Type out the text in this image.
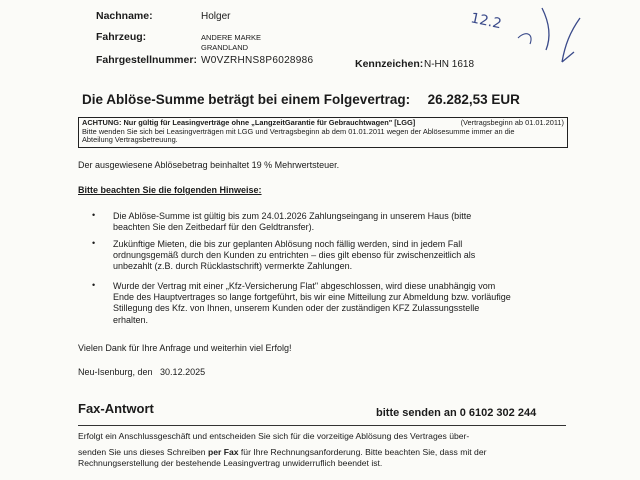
12.2
Nachname:	Holger
Fahrzeug:	ANDERE MARKE
GRANDLAND
Fahrgestellnummer: W0VZRHNS8P6028986	Kennzeichen: N-HN 1618
Die Ablöse-Summe beträgt bei einem Folgevertrag: 26.282,53 EUR
ACHTUNG: Nur gültig für Leasingverträge ohne „LangzeitGarantie für Gebrauchtwagen" [LGG]	(Vertragsbeginn ab 01.01.2011)
Bitte wenden Sie sich bei Leasingverträgen mit LGG und Vertragsbeginn ab dem 01.01.2011 wegen der Ablösesumme immer an die
Abteilung Vertragsbetreuung.
Der ausgewiesene Ablösebetrag beinhaltet 19 % Mehrwertsteuer.
Bitte beachten Sie die folgenden Hinweise:
• Die Ablöse-Summe ist gültig bis zum 24.01.2026 Zahlungseingang in unserem Haus (bitte
beachten Sie den Zeitbedarf für den Geldtransfer).
• Zukünftige Mieten, die bis zur geplanten Ablösung noch fällig werden, sind in jedem Fall
ordnungsgemäß durch den Kunden zu entrichten – dies gilt ebenso für zwischenzeitlich als
unbezahlt (z.B. durch Rücklastschrift) vermerkte Zahlungen.
• Wurde der Vertrag mit einer „Kfz-Versicherung Flat" abgeschlossen, wird diese unabhängig vom
Ende des Hauptvertrages so lange fortgeführt, bis wir eine Mitteilung zur Abmeldung bzw. vorläufige
Stillegung des Kfz. von Ihnen, unserem Kunden oder der zuständigen KFZ Zulassungsstelle
erhalten.
Vielen Dank für Ihre Anfrage und weiterhin viel Erfolg!
Neu-Isenburg, den   30.12.2025
Fax-Antwort	bitte senden an 0 6102 302 244
Erfolgt ein Anschlussgeschäft und entscheiden Sie sich für die vorzeitige Ablösung des Vertrages über-
senden Sie uns dieses Schreiben per Fax für Ihre Rechnungsanforderung. Bitte beachten Sie, dass mit der
Rechnungserstellung der bestehende Leasingvertrag unwiderruflich beendet ist.
